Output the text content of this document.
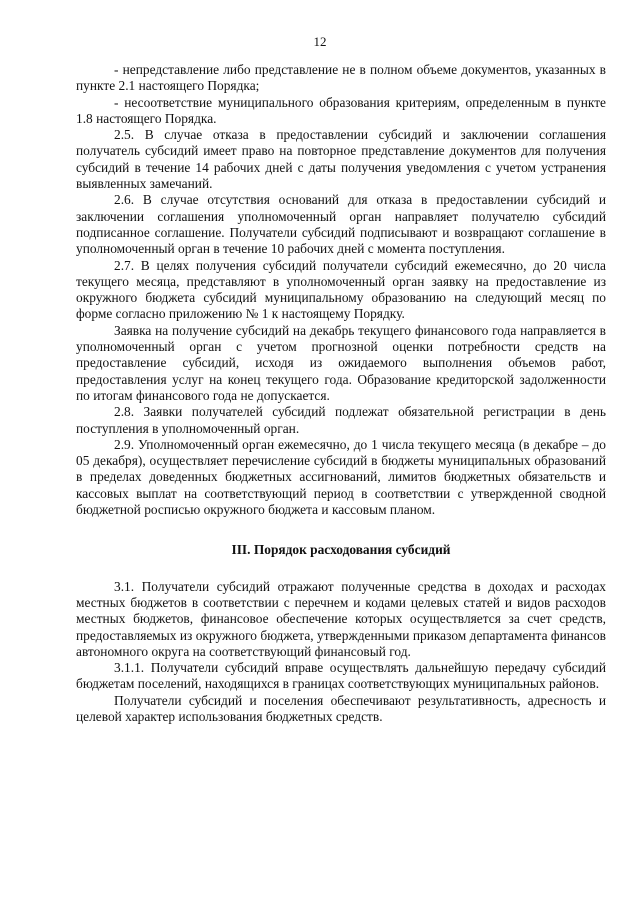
12

- непредставление либо представление не в полном объеме документов, указанных в пункте 2.1 настоящего Порядка;

- несоответствие муниципального образования критериям, определенным в пункте 1.8 настоящего Порядка.

2.5. В случае отказа в предоставлении субсидий и заключении соглашения получатель субсидий имеет право на повторное представление документов для получения субсидий в течение 14 рабочих дней с даты получения уведомления с учетом устранения выявленных замечаний.

2.6. В случае отсутствия оснований для отказа в предоставлении субсидий и заключении соглашения уполномоченный орган направляет получателю субсидий подписанное соглашение. Получатели субсидий подписывают и возвращают соглашение в уполномоченный орган в течение 10 рабочих дней с момента поступления.

2.7. В целях получения субсидий получатели субсидий ежемесячно, до 20 числа текущего месяца, представляют в уполномоченный орган заявку на предоставление из окружного бюджета субсидий муниципальному образованию на следующий месяц по форме согласно приложению № 1 к настоящему Порядку.

Заявка на получение субсидий на декабрь текущего финансового года направляется в уполномоченный орган с учетом прогнозной оценки потребности средств на предоставление субсидий, исходя из ожидаемого выполнения объемов работ, предоставления услуг на конец текущего года. Образование кредиторской задолженности по итогам финансового года не допускается.

2.8. Заявки получателей субсидий подлежат обязательной регистрации в день поступления в уполномоченный орган.

2.9. Уполномоченный орган ежемесячно, до 1 числа текущего месяца (в декабре – до 05 декабря), осуществляет перечисление субсидий в бюджеты муниципальных образований в пределах доведенных бюджетных ассигнований, лимитов бюджетных обязательств и кассовых выплат на соответствующий период в соответствии с утвержденной сводной бюджетной росписью окружного бюджета и кассовым планом.

III. Порядок расходования субсидий

3.1. Получатели субсидий отражают полученные средства в доходах и расходах местных бюджетов в соответствии с перечнем и кодами целевых статей и видов расходов местных бюджетов, финансовое обеспечение которых осуществляется за счет средств, предоставляемых из окружного бюджета, утвержденными приказом департамента финансов автономного округа на соответствующий финансовый год.

3.1.1. Получатели субсидий вправе осуществлять дальнейшую передачу субсидий бюджетам поселений, находящихся в границах соответствующих муниципальных районов.

Получатели субсидий и поселения обеспечивают результативность, адресность и целевой характер использования бюджетных средств.
